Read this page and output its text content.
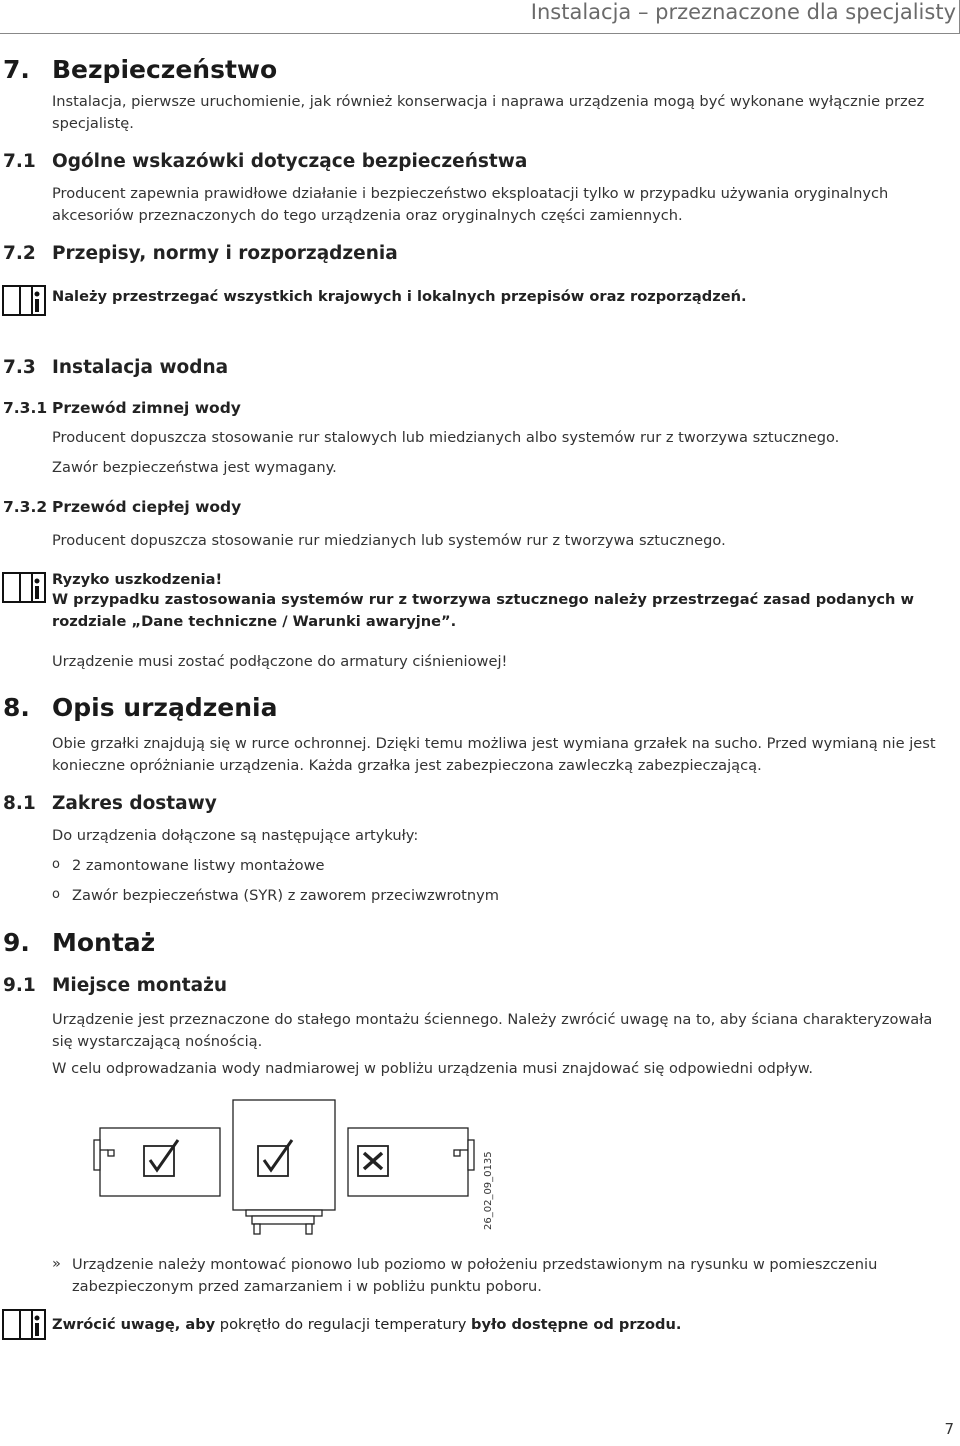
Instalacja – przeznaczone dla specjalisty
7. Bezpieczeństwo
Instalacja, pierwsze uruchomienie, jak również konserwacja i naprawa urządzenia mogą być wykonane wyłącznie przez specjalistę.
7.1 Ogólne wskazówki dotyczące bezpieczeństwa
Producent zapewnia prawidłowe działanie i bezpieczeństwo eksploatacji tylko w przypadku używania oryginalnych akcesoriów przeznaczonych do tego urządzenia oraz oryginalnych części zamiennych.
7.2 Przepisy, normy i rozporządzenia
Należy przestrzegać wszystkich krajowych i lokalnych przepisów oraz rozporządzeń.
7.3 Instalacja wodna
7.3.1 Przewód zimnej wody
Producent dopuszcza stosowanie rur stalowych lub miedzianych albo systemów rur z tworzywa sztucznego.
Zawór bezpieczeństwa jest wymagany.
7.3.2 Przewód ciepłej wody
Producent dopuszcza stosowanie rur miedzianych lub systemów rur z tworzywa sztucznego.
Ryzyko uszkodzenia!
W przypadku zastosowania systemów rur z tworzywa sztucznego należy przestrzegać zasad podanych w rozdziale „Dane techniczne / Warunki awaryjne”.
Urządzenie musi zostać podłączone do armatury ciśnieniowej!
8. Opis urządzenia
Obie grzałki znajdują się w rurce ochronnej. Dzięki temu możliwa jest wymiana grzałek na sucho. Przed wymianą nie jest konieczne opróżnianie urządzenia. Każda grzałka jest zabezpieczona zawleczką zabezpieczającą.
8.1 Zakres dostawy
Do urządzenia dołączone są następujące artykuły:
o 2 zamontowane listwy montażowe
o Zawór bezpieczeństwa (SYR) z zaworem przeciwzwrotnym
9. Montaż
9.1 Miejsce montażu
Urządzenie jest przeznaczone do stałego montażu ściennego. Należy zwrócić uwagę na to, aby ściana charakteryzowała się wystarczającą nośnością.
W celu odprowadzania wody nadmiarowej w pobliżu urządzenia musi znajdować się odpowiedni odpływ.
26_02_09_0135
» Urządzenie należy montować pionowo lub poziomo w położeniu przedstawionym na rysunku w pomieszczeniu zabezpieczonym przed zamarzaniem i w pobliżu punktu poboru.
Zwrócić uwagę, aby pokrętło do regulacji temperatury było dostępne od przodu.
7
